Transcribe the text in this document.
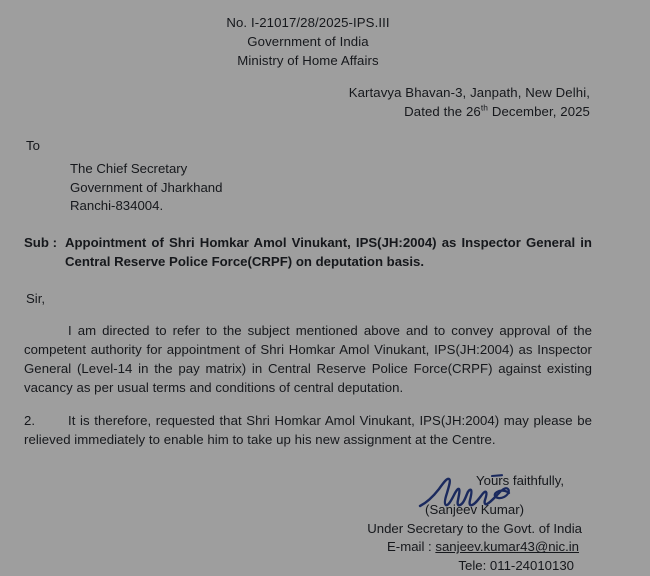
No. I-21017/28/2025-IPS.III
Government of India
Ministry of Home Affairs
Kartavya Bhavan-3, Janpath, New Delhi,
Dated the 26th December, 2025
To
The Chief Secretary
Government of Jharkhand
Ranchi-834004.
Sub : Appointment of Shri Homkar Amol Vinukant, IPS(JH:2004) as Inspector General in Central Reserve Police Force(CRPF) on deputation basis.
Sir,
I am directed to refer to the subject mentioned above and to convey approval of the competent authority for appointment of Shri Homkar Amol Vinukant, IPS(JH:2004) as Inspector General (Level-14 in the pay matrix) in Central Reserve Police Force(CRPF) against existing vacancy as per usual terms and conditions of central deputation.
2. It is therefore, requested that Shri Homkar Amol Vinukant, IPS(JH:2004) may please be relieved immediately to enable him to take up his new assignment at the Centre.
Yours faithfully,
(Sanjeev Kumar)
Under Secretary to the Govt. of India
E-mail : sanjeev.kumar43@nic.in
Tele: 011-24010130
